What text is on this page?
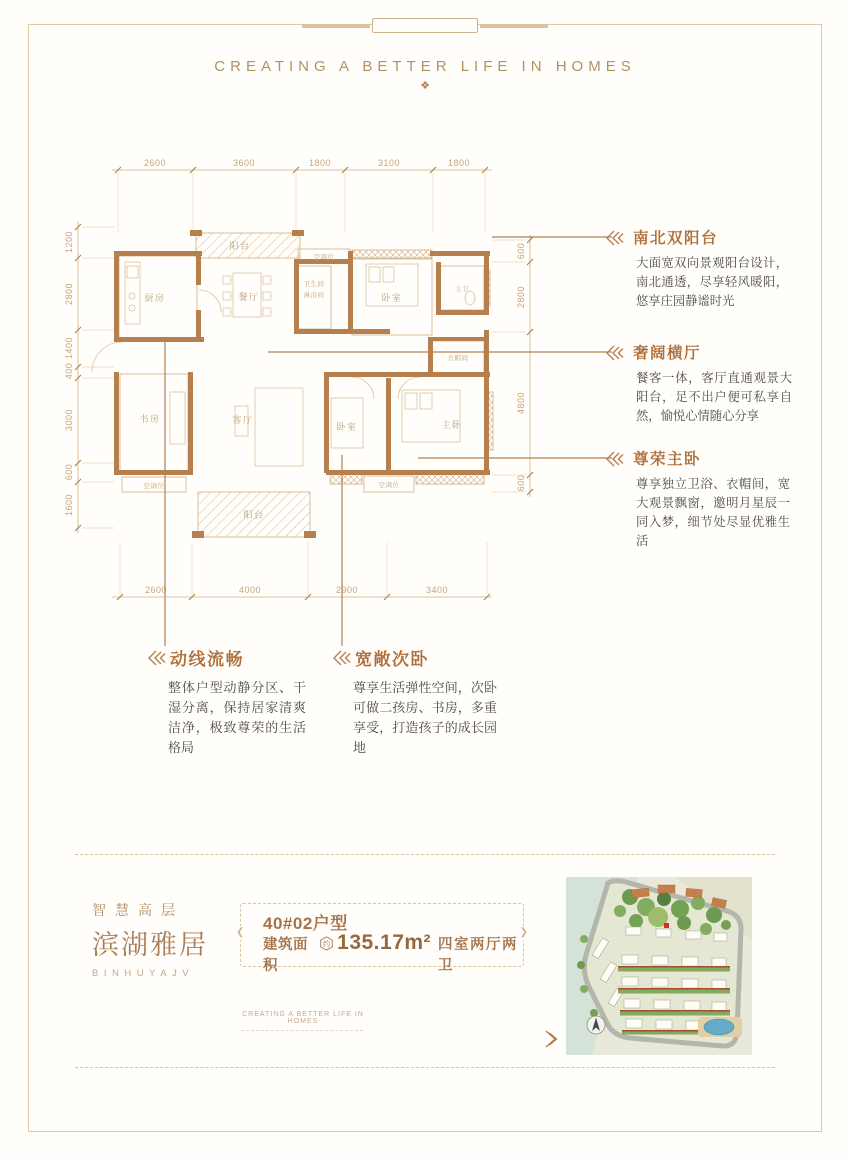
CREATING A BETTER LIFE IN HOMES
❖
2600	3600	1800	3100	1800
2600	4000	2900	3400
1200
2800
1400
400
3000
600
1600
600
2800
4800
600
阳台
厨房	餐厅
空调位
卫生间
淋浴间	卧室
主卫
衣帽间
书房	客厅
阳台
卧室	主卧
空调位	空调位
南北双阳台

大面宽双向景观阳台设计，南北通透，尽享轻风暖阳，悠享庄园静谧时光

奢阔横厅

餐客一体，客厅直通观景大阳台，足不出户便可私享自然，愉悦心情随心分享

尊荣主卧

尊享独立卫浴、衣帽间，宽大观景飘窗，邀明月星辰一同入梦，细节处尽显优雅生活

动线流畅

整体户型动静分区、干湿分离，保持居家清爽洁净，极致尊荣的生活格局

宽敞次卧

尊享生活弹性空间，次卧可做二孩房、书房，多重享受，打造孩子的成长园地

智慧高层
滨湖雅居
BINHUYAJV
❮	❯
40#02户型
建筑面积
约 135.17m² 四室两厅两卫
CREATING A BETTER LIFE IN HOMES
